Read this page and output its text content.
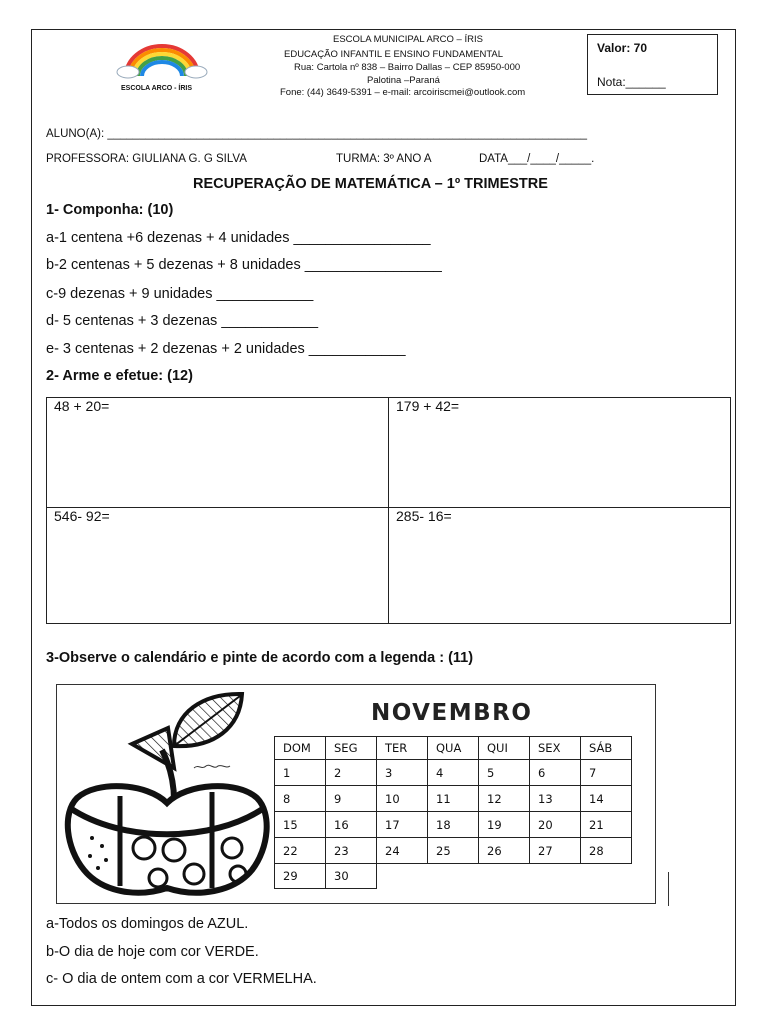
ESCOLA ARCO - ÍRIS
ESCOLA MUNICIPAL ARCO – ÍRIS
EDUCAÇÃO INFANTIL E ENSINO FUNDAMENTAL
Rua: Cartola nº 838 – Bairro Dallas – CEP 85950-000
Palotina –Paraná
Fone: (44) 3649-5391 – e-mail: arcoiriscmei@outlook.com
Valor: 70
Nota:______
ALUNO(A): ___________________________________________________________________________
PROFESSORA: GIULIANA G. G SILVA	TURMA: 3º ANO A	DATA___/____/_____.
RECUPERAÇÃO DE MATEMÁTICA – 1º TRIMESTRE
1- Componha: (10)
a-1 centena +6 dezenas + 4 unidades _________________
b-2 centenas + 5 dezenas + 8 unidades _________________
c-9 dezenas + 9 unidades ____________
d- 5 centenas + 3 dezenas ____________
e- 3 centenas + 2 dezenas + 2 unidades ____________
2- Arme e efetue: (12)
48 + 20=	179 + 42=
546- 92=	285- 16=
3-Observe o calendário e pinte de acordo com a legenda : (11)
NOVEMBRO
DOM	SEG	TER	QUA	QUI	SEX	SÁB
1	2	3	4	5	6	7
8	9	10	11	12	13	14
15	16	17	18	19	20	21
22	23	24	25	26	27	28
29	30					
a-Todos os domingos de AZUL.
b-O dia de hoje com cor VERDE.
c- O dia de ontem com a cor VERMELHA.
